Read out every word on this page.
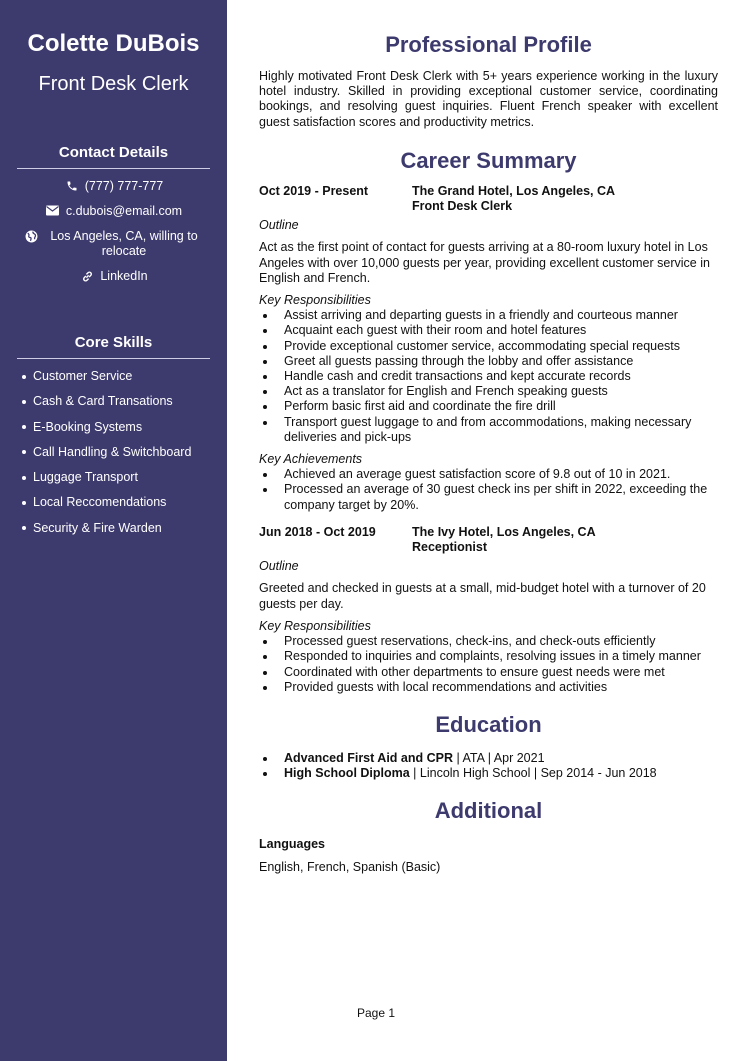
Colette DuBois
Front Desk Clerk
Contact Details
(777) 777-777
c.dubois@email.com
Los Angeles, CA, willing to relocate
LinkedIn
Core Skills
Customer Service
Cash & Card Transations
E-Booking Systems
Call Handling & Switchboard
Luggage Transport
Local Reccomendations
Security & Fire Warden
Professional Profile

Highly motivated Front Desk Clerk with 5+ years experience working in the luxury hotel industry. Skilled in providing exceptional customer service, coordinating bookings, and resolving guest inquiries. Fluent French speaker with excellent guest satisfaction scores and productivity metrics.

Career Summary
Oct 2019 - Present	The Grand Hotel, Los Angeles, CA
Front Desk Clerk
Outline

Act as the first point of contact for guests arriving at a 80-room luxury hotel in Los Angeles with over 10,000 guests per year, providing excellent customer service in English and French.

Key Responsibilities
Assist arriving and departing guests in a friendly and courteous manner
Acquaint each guest with their room and hotel features
Provide exceptional customer service, accommodating special requests
Greet all guests passing through the lobby and offer assistance
Handle cash and credit transactions and kept accurate records
Act as a translator for English and French speaking guests
Perform basic first aid and coordinate the fire drill
Transport guest luggage to and from accommodations, making necessary deliveries and pick-ups
Key Achievements
Achieved an average guest satisfaction score of 9.8 out of 10 in 2021.
Processed an average of 30 guest check ins per shift in 2022, exceeding the company target by 20%.
Jun 2018 - Oct 2019	The Ivy Hotel, Los Angeles, CA
Receptionist
Outline

Greeted and checked in guests at a small, mid-budget hotel with a turnover of 20 guests per day.

Key Responsibilities
Processed guest reservations, check-ins, and check-outs efficiently
Responded to inquiries and complaints, resolving issues in a timely manner
Coordinated with other departments to ensure guest needs were met
Provided guests with local recommendations and activities
Education
Advanced First Aid and CPR | ATA | Apr 2021
High School Diploma | Lincoln High School | Sep 2014 - Jun 2018
Additional
Languages
English, French, Spanish (Basic)
Page 1
